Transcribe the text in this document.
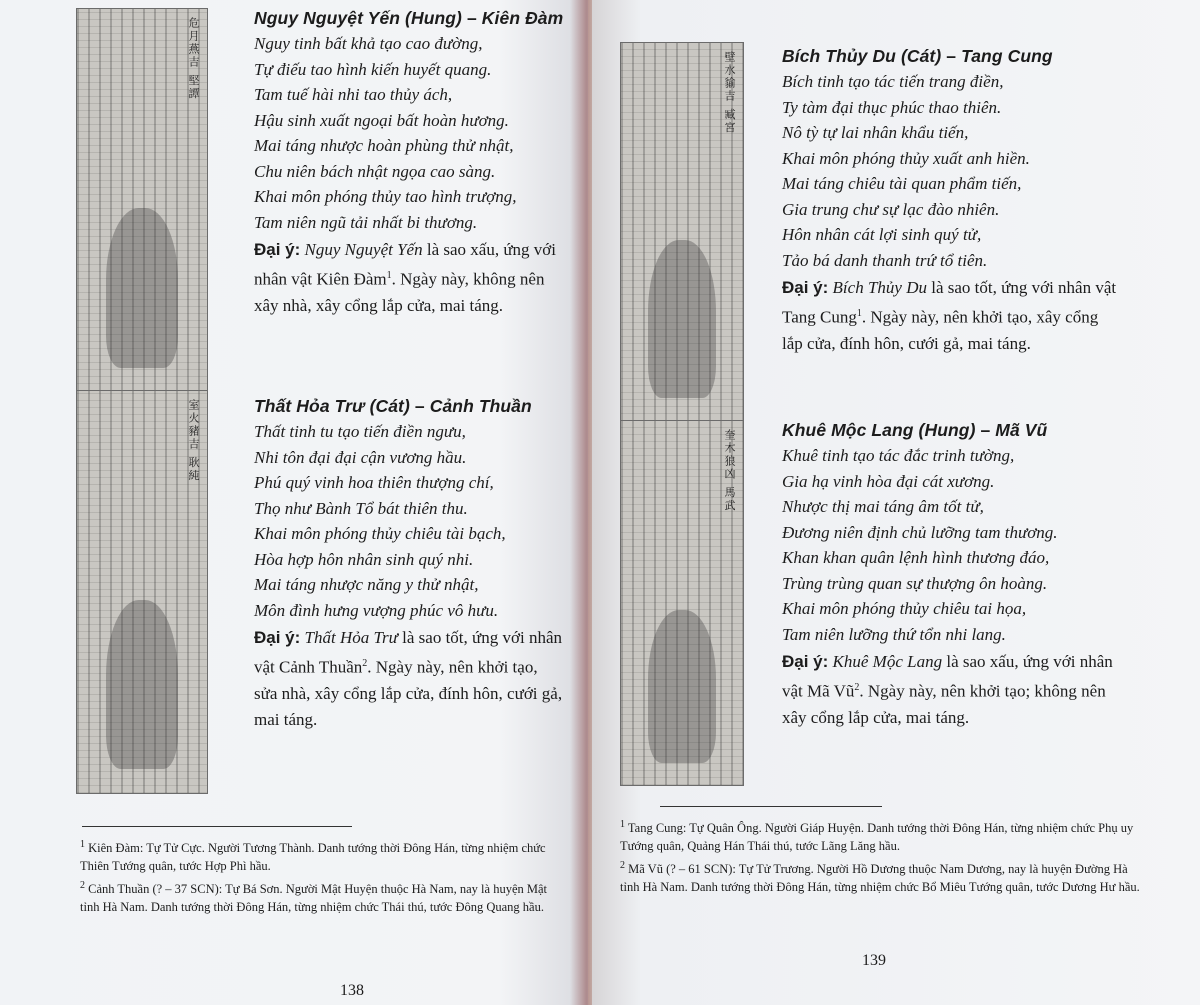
危月燕吉 堅譚
室火豬吉 耿純
Nguy Nguyệt Yến (Hung) – Kiên Đàm

Nguy tinh bất khả tạo cao đường,

Tự điếu tao hình kiến huyết quang.

Tam tuế hài nhi tao thủy ách,

Hậu sinh xuất ngoại bất hoàn hương.

Mai táng nhược hoàn phùng thử nhật,

Chu niên bách nhật ngọa cao sàng.

Khai môn phóng thủy tao hình trượng,

Tam niên ngũ tải nhất bi thương.

Đại ý: Nguy Nguyệt Yến là sao xấu, ứng với nhân vật Kiên Đàm$^1$. Ngày này, không nên xây nhà, xây cổng lắp cửa, mai táng.

Thất Hỏa Trư (Cát) – Cảnh Thuần

Thất tinh tu tạo tiến điền ngưu,

Nhi tôn đại đại cận vương hầu.

Phú quý vinh hoa thiên thượng chí,

Thọ như Bành Tổ bát thiên thu.

Khai môn phóng thủy chiêu tài bạch,

Hòa hợp hôn nhân sinh quý nhi.

Mai táng nhược năng y thử nhật,

Môn đình hưng vượng phúc vô hưu.

Đại ý: Thất Hỏa Trư là sao tốt, ứng với nhân vật Cảnh Thuần$^2$. Ngày này, nên khởi tạo, sửa nhà, xây cổng lắp cửa, đính hôn, cưới gả, mai táng.

$^1$ Kiên Đàm: Tự Tử Cực. Người Tương Thành. Danh tướng thời Đông Hán, từng nhiệm chức Thiên Tướng quân, tước Hợp Phì hầu.

$^2$ Cảnh Thuần (? – 37 SCN): Tự Bá Sơn. Người Mật Huyện thuộc Hà Nam, nay là huyện Mật tỉnh Hà Nam. Danh tướng thời Đông Hán, từng nhiệm chức Thái thú, tước Đông Quang hầu.

138
壁水貐吉 臧宮
奎木狼凶 馬武
Bích Thủy Du (Cát) – Tang Cung

Bích tinh tạo tác tiến trang điền,

Ty tàm đại thục phúc thao thiên.

Nô tỳ tự lai nhân khẩu tiến,

Khai môn phóng thủy xuất anh hiền.

Mai táng chiêu tài quan phẩm tiến,

Gia trung chư sự lạc đào nhiên.

Hôn nhân cát lợi sinh quý tử,

Tảo bá danh thanh trứ tổ tiên.

Đại ý: Bích Thủy Du là sao tốt, ứng với nhân vật Tang Cung$^1$. Ngày này, nên khởi tạo, xây cổng lắp cửa, đính hôn, cưới gả, mai táng.

Khuê Mộc Lang (Hung) – Mã Vũ

Khuê tinh tạo tác đắc trinh tường,

Gia hạ vinh hòa đại cát xương.

Nhược thị mai táng âm tốt tử,

Đương niên định chủ lưỡng tam thương.

Khan khan quân lệnh hình thương đáo,

Trùng trùng quan sự thượng ôn hoàng.

Khai môn phóng thủy chiêu tai họa,

Tam niên lưỡng thứ tổn nhi lang.

Đại ý: Khuê Mộc Lang là sao xấu, ứng với nhân vật Mã $Vũ^2$. Ngày này, nên khởi tạo; không nên xây cổng lắp cửa, mai táng.

$^1$ Tang Cung: Tự Quân Ông. Người Giáp Huyện. Danh tướng thời Đông Hán, từng nhiệm chức Phụ uy Tướng quân, Quảng Hán Thái thú, tước Lãng Lăng hầu.

$^2$ Mã Vũ (? – 61 SCN): Tự Tử Trương. Người Hồ Dương thuộc Nam Dương, nay là huyện Đường Hà tỉnh Hà Nam. Danh tướng thời Đông Hán, từng nhiệm chức Bổ Miêu Tướng quân, tước Dương Hư hầu.

139
